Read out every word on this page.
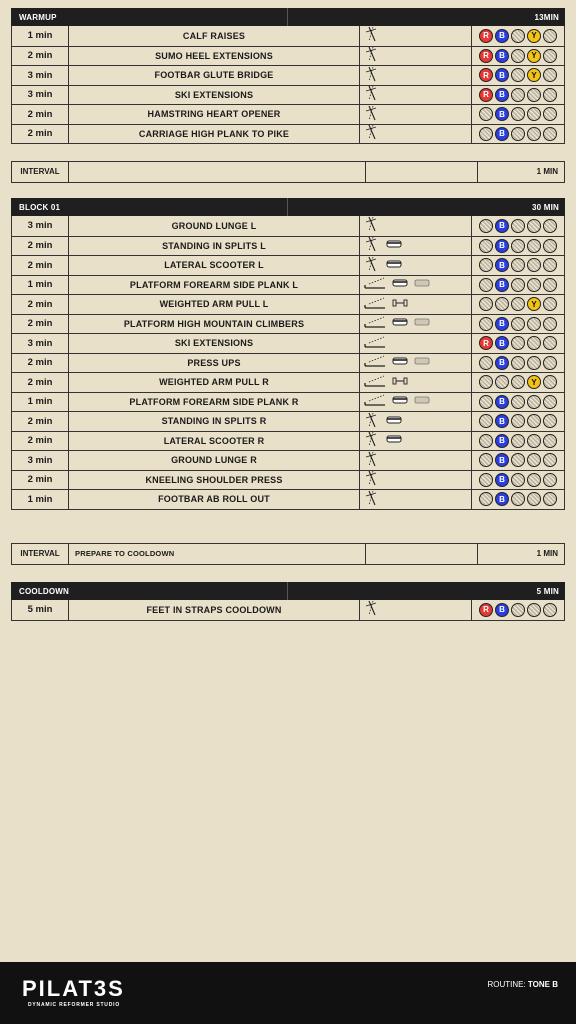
WARMUP	13MIN
1 min	CALF RAISES	R	B	Y
2 min	SUMO HEEL EXTENSIONS	R	B	Y
3 min	FOOTBAR GLUTE BRIDGE	R	B	Y
3 min	SKI EXTENSIONS	R	B
2 min	HAMSTRING HEART OPENER	B
2 min	CARRIAGE HIGH PLANK TO PIKE	B
INTERVAL	1 MIN
BLOCK 01	30 MIN
3 min	GROUND LUNGE L	B
2 min	STANDING IN SPLITS L	B
2 min	LATERAL SCOOTER L	B
1 min	PLATFORM FOREARM SIDE PLANK L	B
2 min	WEIGHTED ARM PULL L	Y
2 min	PLATFORM HIGH MOUNTAIN CLIMBERS	B
3 min	SKI EXTENSIONS	R	B
2 min	PRESS UPS	B
2 min	WEIGHTED ARM PULL R	Y
1 min	PLATFORM FOREARM SIDE PLANK R	B
2 min	STANDING IN SPLITS R	B
2 min	LATERAL SCOOTER R	B
3 min	GROUND LUNGE R	B
2 min	KNEELING SHOULDER PRESS	B
1 min	FOOTBAR AB ROLL OUT	B
INTERVAL	PREPARE TO COOLDOWN	1 MIN
COOLDOWN	5 MIN
5 min	FEET IN STRAPS COOLDOWN	R	B
PILAT3S
DYNAMIC REFORMER STUDIO
ROUTINE: TONE B
